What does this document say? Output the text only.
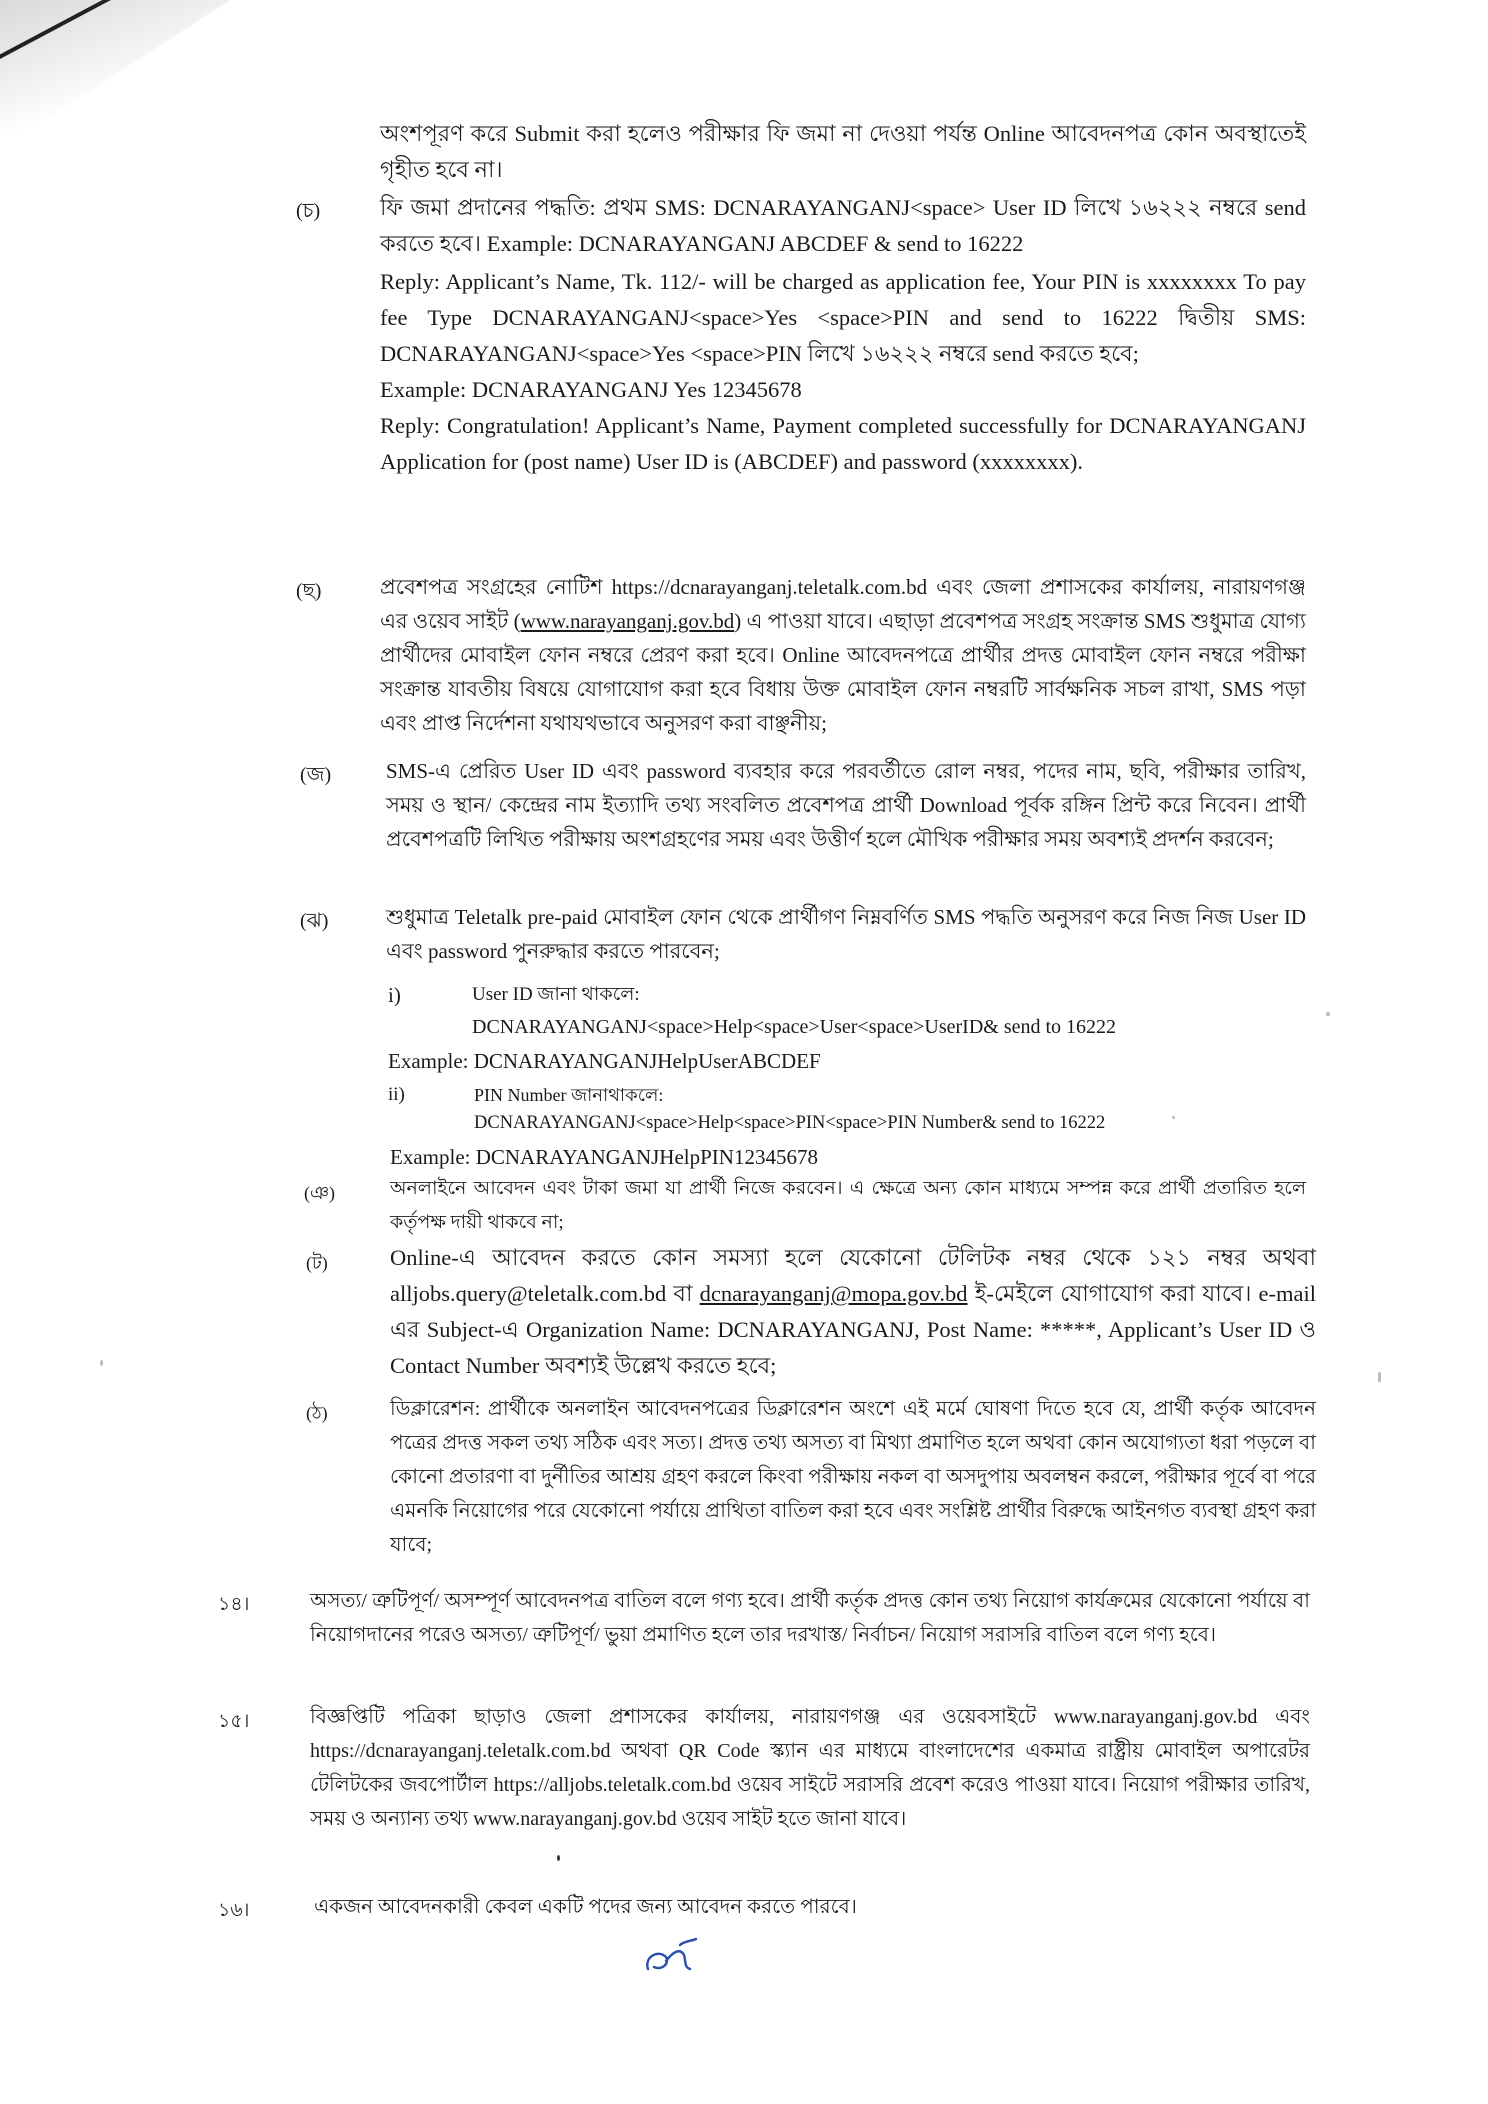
অংশপূরণ করে Submit করা হলেও পরীক্ষার ফি জমা না দেওয়া পর্যন্ত Online আবেদনপত্র কোন অবস্থাতেই গৃহীত হবে না।

(চ)	ফি জমা প্রদানের পদ্ধতি: প্রথম SMS: DCNARAYANGANJ<space> User ID লিখে ১৬২২২ নম্বরে send করতে হবে। Example: DCNARAYANGANJ ABCDEF & send to 16222

Reply: Applicant’s Name, Tk. 112/- will be charged as application fee, Your PIN is xxxxxxxx To pay fee Type DCNARAYANGANJ<space>Yes <space>PIN and send to 16222 দ্বিতীয় SMS: DCNARAYANGANJ<space>Yes <space>PIN লিখে ১৬২২২ নম্বরে send করতে হবে;

Example: DCNARAYANGANJ Yes 12345678

Reply: Congratulation! Applicant’s Name, Payment completed successfully for DCNARAYANGANJ Application for (post name) User ID is (ABCDEF) and password (xxxxxxxx).

(ছ)	প্রবেশপত্র সংগ্রহের নোটিশ https://dcnarayanganj.teletalk.com.bd এবং জেলা প্রশাসকের কার্যালয়, নারায়ণগঞ্জ এর ওয়েব সাইট (www.narayanganj.gov.bd) এ পাওয়া যাবে। এছাড়া প্রবেশপত্র সংগ্রহ সংক্রান্ত SMS শুধুমাত্র যোগ্য প্রার্থীদের মোবাইল ফোন নম্বরে প্রেরণ করা হবে। Online আবেদনপত্রে প্রার্থীর প্রদত্ত মোবাইল ফোন নম্বরে পরীক্ষা সংক্রান্ত যাবতীয় বিষয়ে যোগাযোগ করা হবে বিধায় উক্ত মোবাইল ফোন নম্বরটি সার্বক্ষনিক সচল রাখা, SMS পড়া এবং প্রাপ্ত নির্দেশনা যথাযথভাবে অনুসরণ করা বাঞ্ছনীয়;

(জ)	SMS-এ প্রেরিত User ID এবং password ব্যবহার করে পরবর্তীতে রোল নম্বর, পদের নাম, ছবি, পরীক্ষার তারিখ, সময় ও স্থান/ কেন্দ্রের নাম ইত্যাদি তথ্য সংবলিত প্রবেশপত্র প্রার্থী Download পূর্বক রঙ্গিন প্রিন্ট করে নিবেন। প্রার্থী প্রবেশপত্রটি লিখিত পরীক্ষায় অংশগ্রহণের সময় এবং উত্তীর্ণ হলে মৌখিক পরীক্ষার সময় অবশ্যই প্রদর্শন করবেন;

(ঝ)	শুধুমাত্র Teletalk pre-paid মোবাইল ফোন থেকে প্রার্থীগণ নিম্নবর্ণিত SMS পদ্ধতি অনুসরণ করে নিজ নিজ User ID এবং password পুনরুদ্ধার করতে পারবেন;

i)	User ID জানা থাকলে:
DCNARAYANGANJ<space>Help<space>User<space>UserID& send to 16222
Example: DCNARAYANGANJHelpUserABCDEF
ii)	PIN Number জানাথাকলে:
DCNARAYANGANJ<space>Help<space>PIN<space>PIN Number& send to 16222
Example: DCNARAYANGANJHelpPIN12345678
(ঞ)	অনলাইনে আবেদন এবং টাকা জমা যা প্রার্থী নিজে করবেন। এ ক্ষেত্রে অন্য কোন মাধ্যমে সম্পন্ন করে প্রার্থী প্রতারিত হলে কর্তৃপক্ষ দায়ী থাকবে না;

(ট)	Online-এ আবেদন করতে কোন সমস্যা হলে যেকোনো টেলিটক নম্বর থেকে ১২১ নম্বর অথবা alljobs.query@teletalk.com.bd বা dcnarayanganj@mopa.gov.bd ই-মেইলে যোগাযোগ করা যাবে। e-mail এর Subject-এ Organization Name: DCNARAYANGANJ, Post Name: *****, Applicant’s User ID ও Contact Number অবশ্যই উল্লেখ করতে হবে;

(ঠ)	ডিক্লারেশন: প্রার্থীকে অনলাইন আবেদনপত্রের ডিক্লারেশন অংশে এই মর্মে ঘোষণা দিতে হবে যে, প্রার্থী কর্তৃক আবেদন পত্রের প্রদত্ত সকল তথ্য সঠিক এবং সত্য। প্রদত্ত তথ্য অসত্য বা মিথ্যা প্রমাণিত হলে অথবা কোন অযোগ্যতা ধরা পড়লে বা কোনো প্রতারণা বা দুর্নীতির আশ্রয় গ্রহণ করলে কিংবা পরীক্ষায় নকল বা অসদুপায় অবলম্বন করলে, পরীক্ষার পূর্বে বা পরে এমনকি নিয়োগের পরে যেকোনো পর্যায়ে প্রাথিতা বাতিল করা হবে এবং সংশ্লিষ্ট প্রার্থীর বিরুদ্ধে আইনগত ব্যবস্থা গ্রহণ করা যাবে;

১৪।	অসত্য/ ত্রুটিপূর্ণ/ অসম্পূর্ণ আবেদনপত্র বাতিল বলে গণ্য হবে। প্রার্থী কর্তৃক প্রদত্ত কোন তথ্য নিয়োগ কার্যক্রমের যেকোনো পর্যায়ে বা নিয়োগদানের পরেও অসত্য/ ত্রুটিপূর্ণ/ ভুয়া প্রমাণিত হলে তার দরখাস্ত/ নির্বাচন/ নিয়োগ সরাসরি বাতিল বলে গণ্য হবে।

১৫।	বিজ্ঞপ্তিটি পত্রিকা ছাড়াও জেলা প্রশাসকের কার্যালয়, নারায়ণগঞ্জ এর ওয়েবসাইটে www.narayanganj.gov.bd এবং https://dcnarayanganj.teletalk.com.bd অথবা QR Code স্ক্যান এর মাধ্যমে বাংলাদেশের একমাত্র রাষ্ট্রীয় মোবাইল অপারেটর টেলিটকের জবপোর্টাল https://alljobs.teletalk.com.bd ওয়েব সাইটে সরাসরি প্রবেশ করেও পাওয়া যাবে। নিয়োগ পরীক্ষার তারিখ, সময় ও অন্যান্য তথ্য www.narayanganj.gov.bd ওয়েব সাইট হতে জানা যাবে।

১৬।	একজন আবেদনকারী কেবল একটি পদের জন্য আবেদন করতে পারবে।
